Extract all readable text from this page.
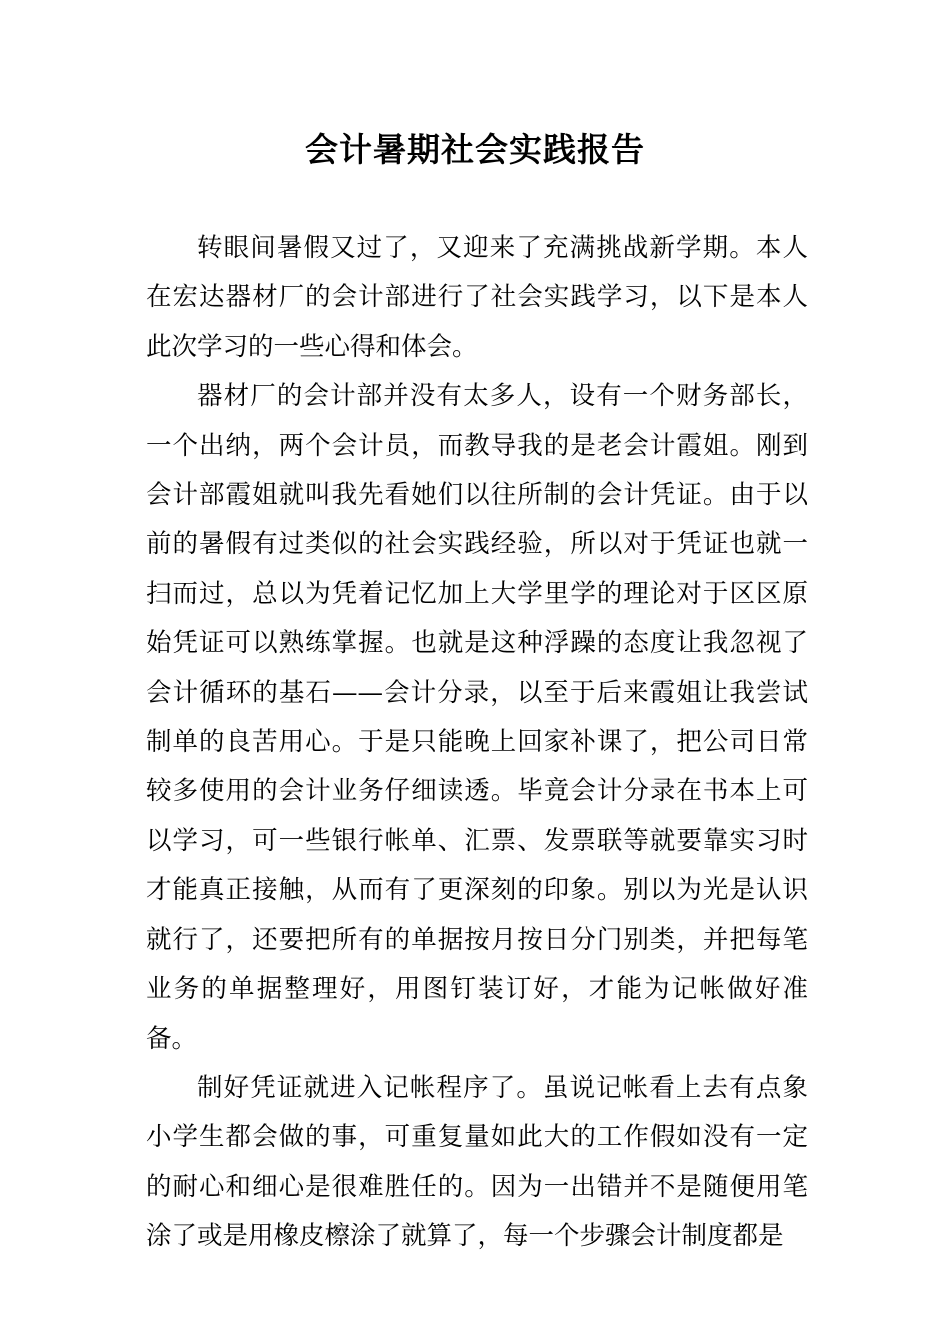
会计暑期社会实践报告

转眼间暑假又过了，又迎来了充满挑战新学期。本人在宏达器材厂的会计部进行了社会实践学习，以下是本人此次学习的一些心得和体会。

器材厂的会计部并没有太多人，设有一个财务部长，一个出纳，两个会计员，而教导我的是老会计霞姐。刚到会计部霞姐就叫我先看她们以往所制的会计凭证。由于以前的暑假有过类似的社会实践经验，所以对于凭证也就一扫而过，总以为凭着记忆加上大学里学的理论对于区区原始凭证可以熟练掌握。也就是这种浮躁的态度让我忽视了会计循环的基石——会计分录，以至于后来霞姐让我尝试制单的良苦用心。于是只能晚上回家补课了，把公司日常较多使用的会计业务仔细读透。毕竟会计分录在书本上可以学习，可一些银行帐单、汇票、发票联等就要靠实习时才能真正接触，从而有了更深刻的印象。别以为光是认识就行了，还要把所有的单据按月按日分门别类，并把每笔业务的单据整理好，用图钉装订好，才能为记帐做好准备。

制好凭证就进入记帐程序了。虽说记帐看上去有点象小学生都会做的事，可重复量如此大的工作假如没有一定的耐心和细心是很难胜任的。因为一出错并不是随便用笔涂了或是用橡皮檫涂了就算了，每一个步骤会计制度都是
